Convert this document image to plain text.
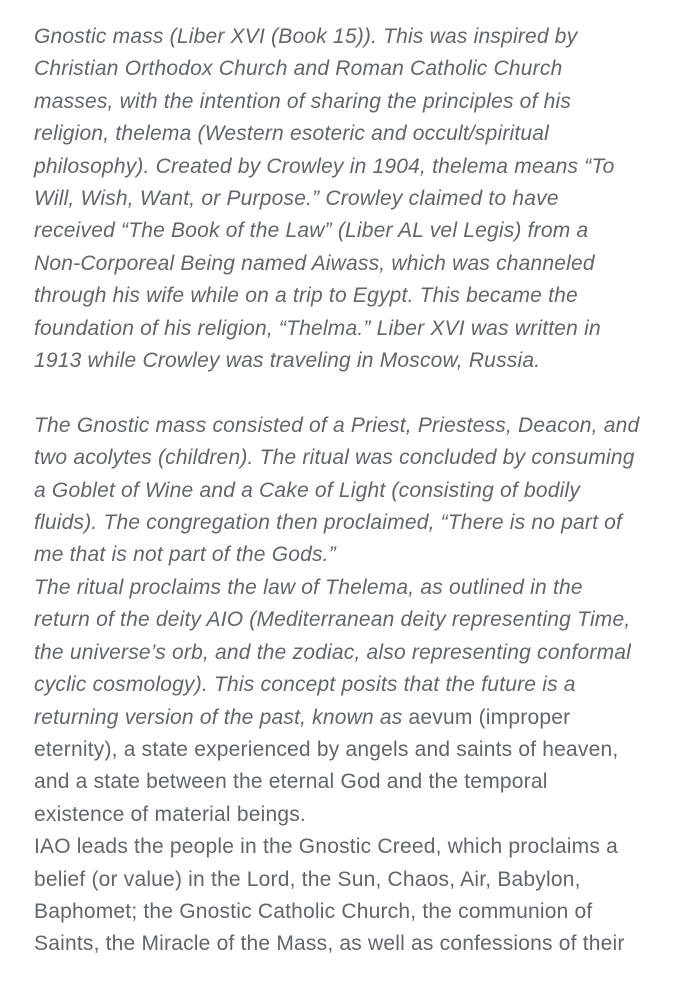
Gnostic mass (Liber XVI (Book 15)). This was inspired by
Christian Orthodox Church and Roman Catholic Church
masses, with the intention of sharing the principles of his
religion, thelema (Western esoteric and occult/spiritual
philosophy). Created by Crowley in 1904, thelema means “To
Will, Wish, Want, or Purpose.” Crowley claimed to have
received “The Book of the Law” (Liber AL vel Legis) from a
Non-Corporeal Being named Aiwass, which was channeled
through his wife while on a trip to Egypt. This became the
foundation of his religion, “Thelma.” Liber XVI was written in
1913 while Crowley was traveling in Moscow, Russia.

The Gnostic mass consisted of a Priest, Priestess, Deacon, and
two acolytes (children). The ritual was concluded by consuming
a Goblet of Wine and a Cake of Light (consisting of bodily
fluids). The congregation then proclaimed, “There is no part of
me that is not part of the Gods.”

The ritual proclaims the law of Thelema, as outlined in the
return of the deity AIO (Mediterranean deity representing Time,
the universe’s orb, and the zodiac, also representing conformal
cyclic cosmology). This concept posits that the future is a
returning version of the past, known as aevum (improper
eternity), a state experienced by angels and saints of heaven,
and a state between the eternal God and the temporal
existence of material beings.

IAO leads the people in the Gnostic Creed, which proclaims a
belief (or value) in the Lord, the Sun, Chaos, Air, Babylon,
Baphomet; the Gnostic Catholic Church, the communion of
Saints, the Miracle of the Mass, as well as confessions of their
